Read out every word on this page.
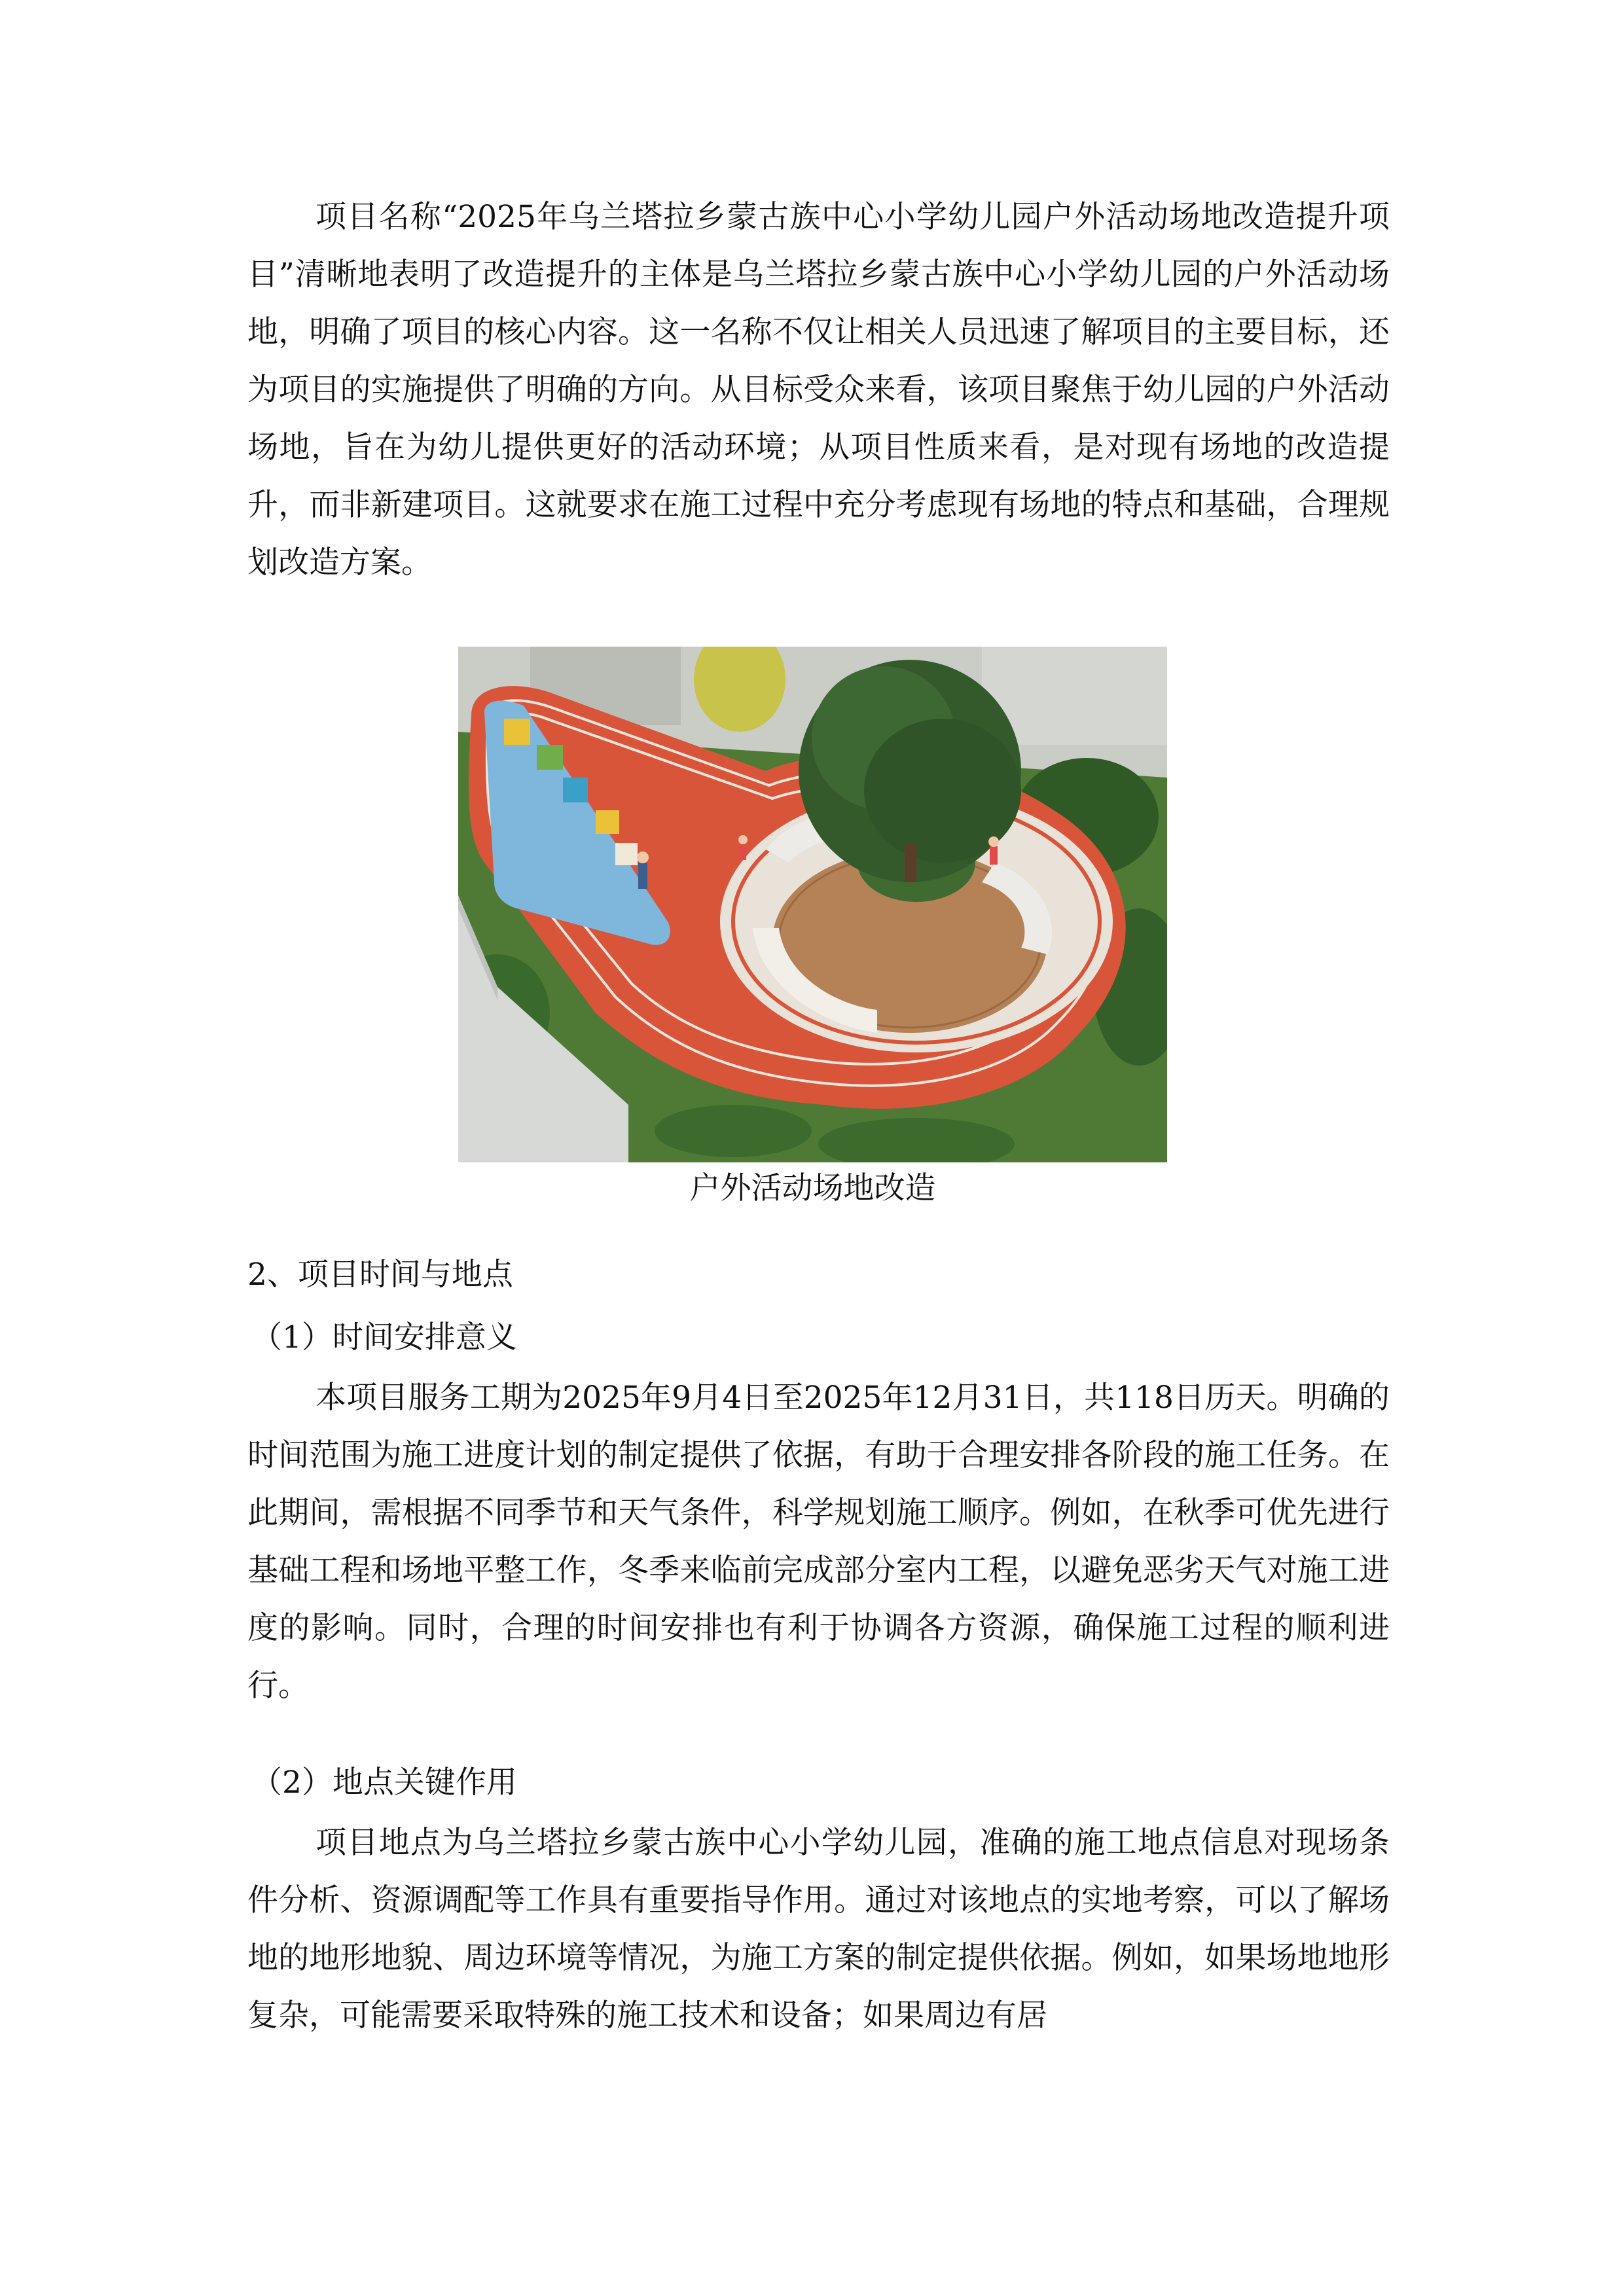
项目名称“2025年乌兰塔拉乡蒙古族中心小学幼儿园户外活动场地改造提升项目”清晰地表明了改造提升的主体是乌兰塔拉乡蒙古族中心小学幼儿园的户外活动场地，明确了项目的核心内容。这一名称不仅让相关人员迅速了解项目的主要目标，还为项目的实施提供了明确的方向。从目标受众来看，该项目聚焦于幼儿园的户外活动场地，旨在为幼儿提供更好的活动环境；从项目性质来看，是对现有场地的改造提升，而非新建项目。这就要求在施工过程中充分考虑现有场地的特点和基础，合理规划改造方案。

户外活动场地改造
2、项目时间与地点
（1）时间安排意义

本项目服务工期为2025年9月4日至2025年12月31日，共118日历天。明确的时间范围为施工进度计划的制定提供了依据，有助于合理安排各阶段的施工任务。在此期间，需根据不同季节和天气条件，科学规划施工顺序。例如，在秋季可优先进行基础工程和场地平整工作，冬季来临前完成部分室内工程，以避免恶劣天气对施工进度的影响。同时，合理的时间安排也有利于协调各方资源，确保施工过程的顺利进行。

（2）地点关键作用

项目地点为乌兰塔拉乡蒙古族中心小学幼儿园，准确的施工地点信息对现场条件分析、资源调配等工作具有重要指导作用。通过对该地点的实地考察，可以了解场地的地形地貌、周边环境等情况，为施工方案的制定提供依据。例如，如果场地地形复杂，可能需要采取特殊的施工技术和设备；如果周边有居
